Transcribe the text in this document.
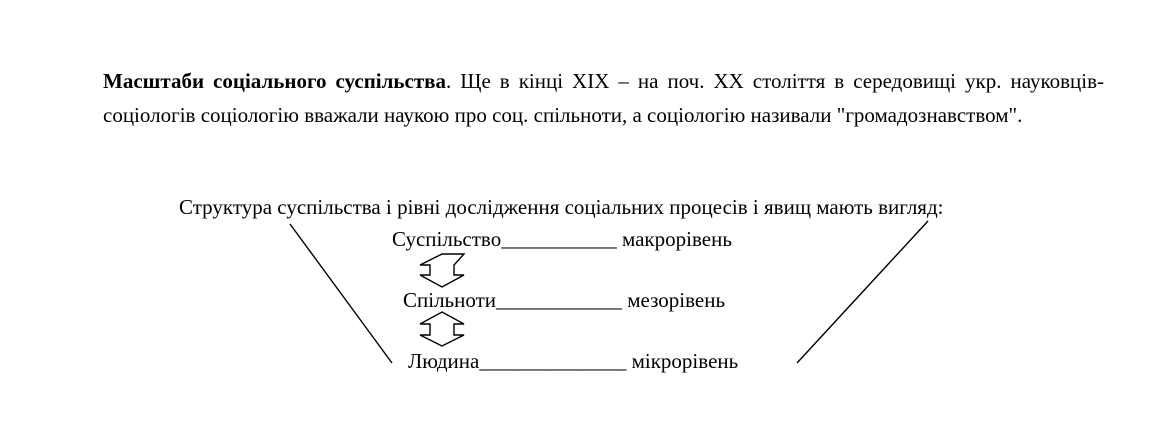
Масштаби соціального суспільства. Ще в кінці XIX – на поч. XX століття в середовищі укр. науковців-соціологів соціологію вважали наукою про соц. спільноти, а соціологію називали "громадознавством".
Структура суспільства і рівні дослідження соціальних процесів і явищ мають вигляд:
Суспільство___________ макрорівень
Спільноти____________ мезорівень
Людина______________ мікрорівень
